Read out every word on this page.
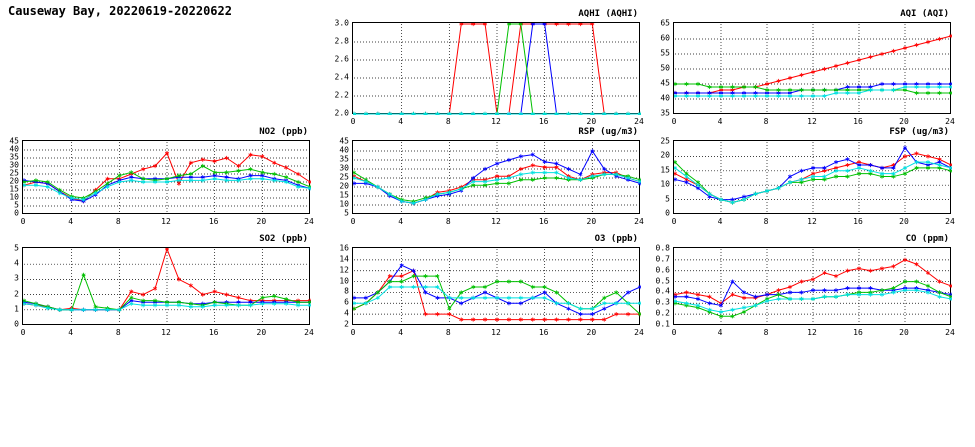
Causeway Bay, 20220619-20220622	AQHI (AQHI)
0	4	8	12	16	20	24
2.0
2.2
2.4
2.6
2.8
3.0
AQI (AQI)
0	4	8	12	16	20	24
35
40
45
50
55
60
65
NO2 (ppb)
0	4	8	12	16	20	24
0
5
10
15
20
25
30
35
40
45
RSP (ug/m3)
0	4	8	12	16	20	24
5
10
15
20
25
30
35
40
45
FSP (ug/m3)
0	4	8	12	16	20	24
0
5
10
15
20
25
SO2 (ppb)
0	4	8	12	16	20	24
0
1
2
3
4
5
O3 (ppb)
0	4	8	12	16	20	24
2
4
6
8
10
12
14
16
CO (ppm)
0	4	8	12	16	20	24
0.1
0.2
0.3
0.4
0.5
0.6
0.7
0.8
